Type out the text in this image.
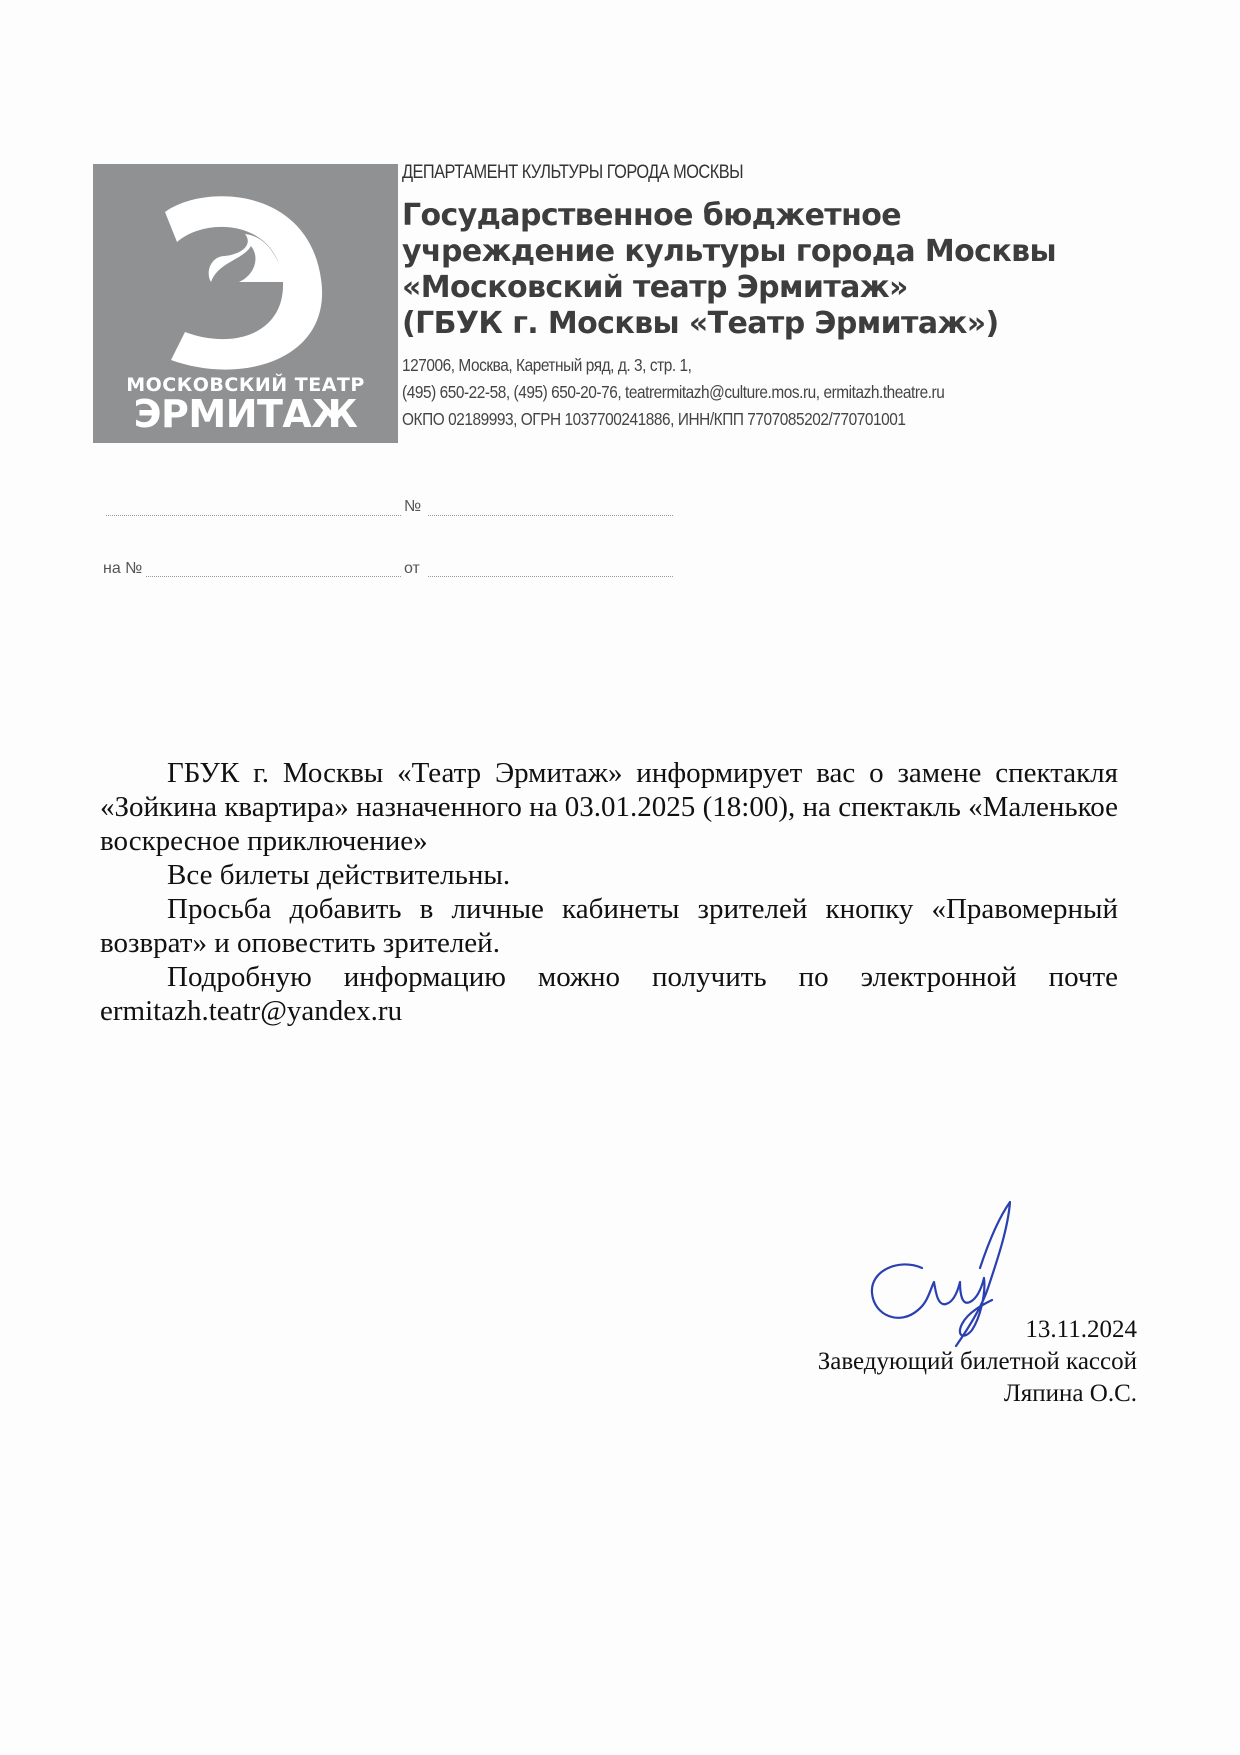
МОСКОВСКИЙ ТЕАТР
ЭРМИТАЖ
ДЕПАРТАМЕНТ КУЛЬТУРЫ ГОРОДА МОСКВЫ
Государственное бюджетное
учреждение культуры города Москвы
«Московский театр Эрмитаж»
(ГБУК г. Москвы «Театр Эрмитаж»)
127006, Москва, Каретный ряд, д. 3, стр. 1,
(495) 650-22-58, (495) 650-20-76, teatrermitazh@culture.mos.ru, ermitazh.theatre.ru
ОКПО 02189993, ОГРН 1037700241886, ИНН/КПП 7707085202/770701001
№
на №	от

ГБУК г. Москвы «Театр Эрмитаж» информирует вас о замене спектакля «Зойкина квартира» назначенного на 03.01.2025 (18:00), на спектакль «Маленькое воскресное приключение»

Все билеты действительны.

Просьба добавить в личные кабинеты зрителей кнопку «Правомерный возврат» и оповестить зрителей.

Подробную информацию можно получить по электронной почте ermitazh.teatr@yandex.ru

13.11.2024
Заведующий билетной кассой
Ляпина О.С.
